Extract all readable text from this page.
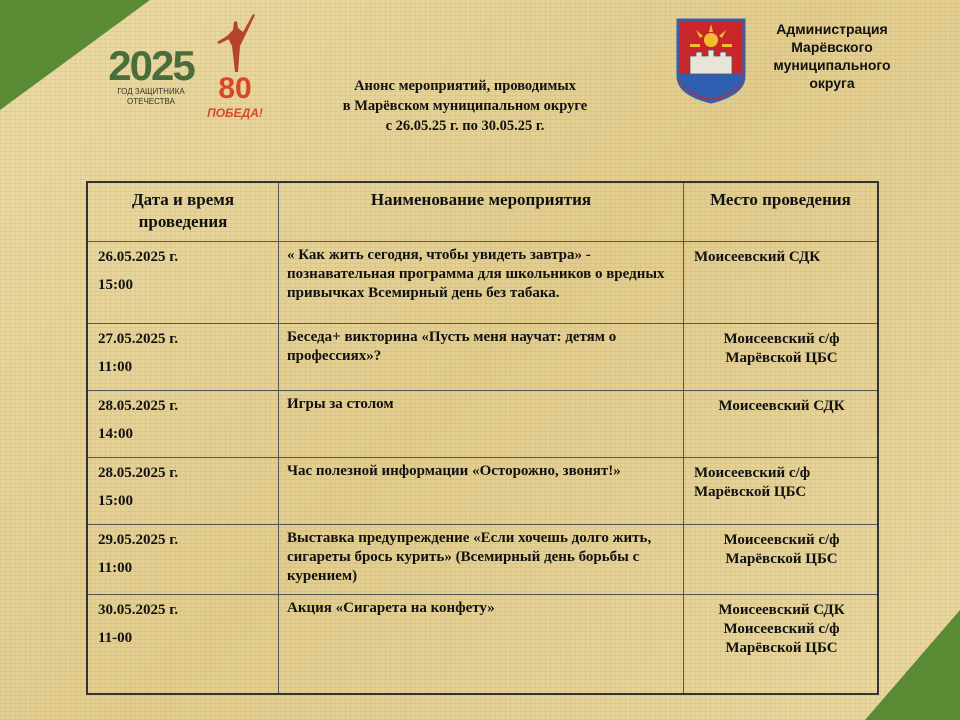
2025
ГОД ЗАЩИТНИКА
ОТЕЧЕСТВА	80
ПОБЕДА!
Анонс мероприятий, проводимых
в Марёвском муниципальном округе
с 26.05.25 г. по 30.05.25 г.
Администрация
Марёвского
муниципального
округа
Дата и время проведения	Наименование мероприятия	Место проведения

26.05.2025 г.
15:00	« Как жить сегодня, чтобы увидеть завтра» - познавательная программа для школьников о вредных привычках Всемирный день без табака.	Моисеевский СДК

27.05.2025 г.
11:00	Беседа+ викторина «Пусть меня научат: детям о профессиях»?	Моисеевский с/ф Марёвской ЦБС

28.05.2025 г.
14:00	Игры за столом	Моисеевский СДК

28.05.2025 г.
15:00	Час полезной информации «Осторожно, звонят!»	Моисеевский с/ф Марёвской ЦБС

29.05.2025 г.
11:00	Выставка предупреждение «Если хочешь долго жить, сигареты брось курить» (Всемирный день борьбы с курением)	Моисеевский с/ф Марёвской ЦБС

30.05.2025 г.
11-00	Акция «Сигарета на конфету»	Моисеевский СДК Моисеевский с/ф Марёвской ЦБС
